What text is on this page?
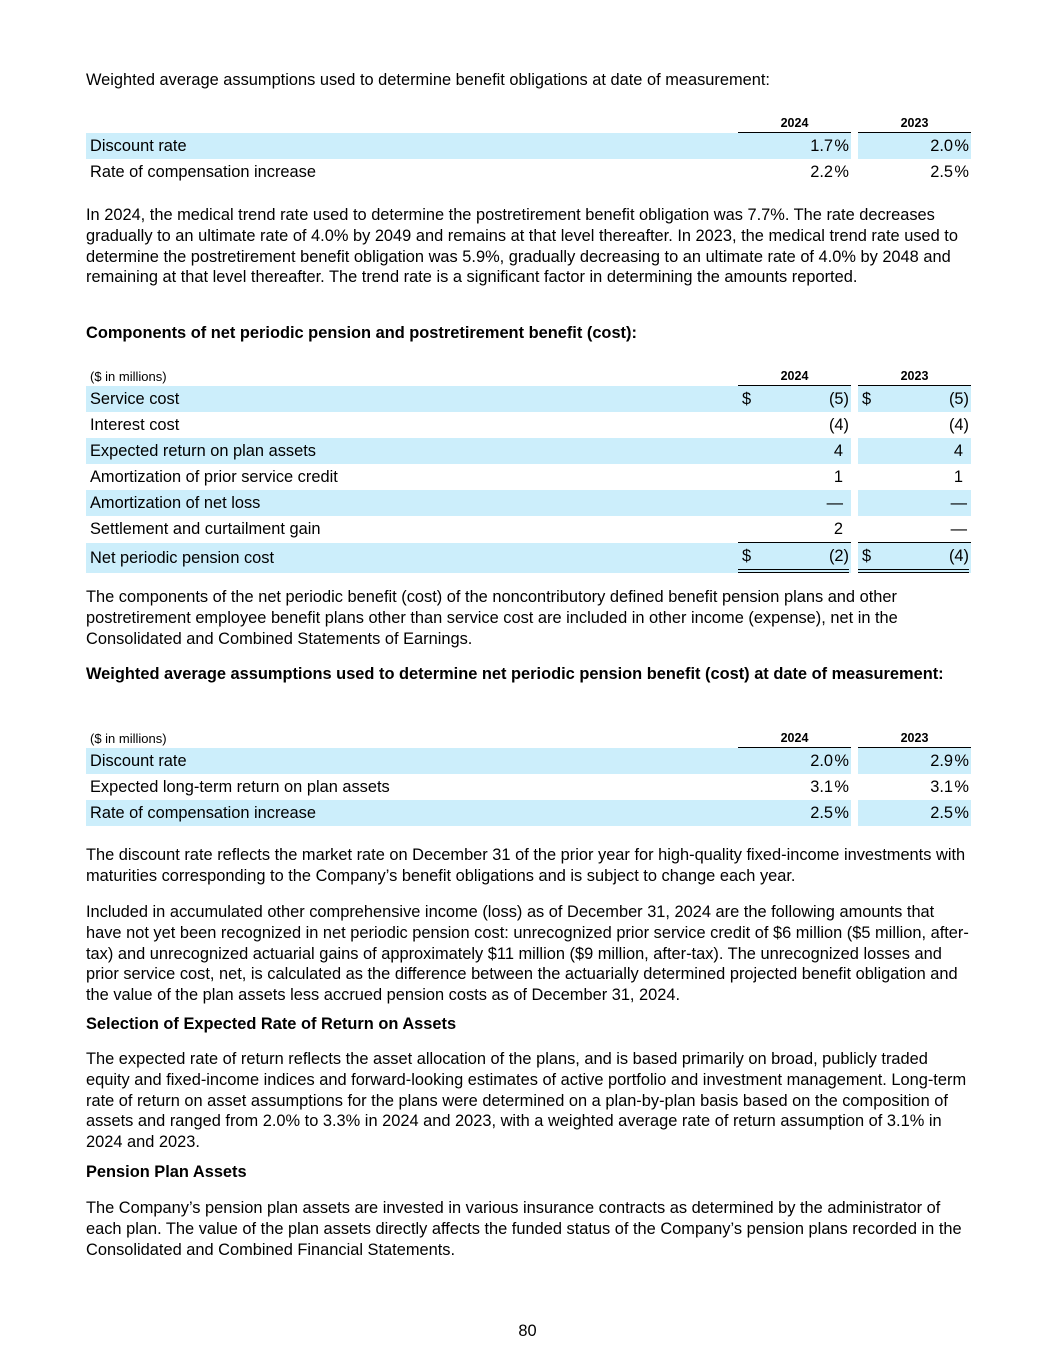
Weighted average assumptions used to determine benefit obligations at date of measurement:

	2024		2023
Discount rate	1.7%		2.0%
Rate of compensation increase	2.2%		2.5%

In 2024, the medical trend rate used to determine the postretirement benefit obligation was 7.7%. The rate decreases gradually to an ultimate rate of 4.0% by 2049 and remains at that level thereafter. In 2023, the medical trend rate used to determine the postretirement benefit obligation was 5.9%, gradually decreasing to an ultimate rate of 4.0% by 2048 and remaining at that level thereafter. The trend rate is a significant factor in determining the amounts reported.

Components of net periodic pension and postretirement benefit (cost):

($ in millions)	2024		2023
Service cost	$ (5)		$ (5)
Interest cost	(4)		(4)
Expected return on plan assets	4		4
Amortization of prior service credit	1		1
Amortization of net loss	—		—
Settlement and curtailment gain	2		—
Net periodic pension cost	$ (2)		$ (4)

The components of the net periodic benefit (cost) of the noncontributory defined benefit pension plans and other postretirement employee benefit plans other than service cost are included in other income (expense), net in the Consolidated and Combined Statements of Earnings.

Weighted average assumptions used to determine net periodic pension benefit (cost) at date of measurement:

($ in millions)	2024		2023
Discount rate	2.0%		2.9%
Expected long-term return on plan assets	3.1%		3.1%
Rate of compensation increase	2.5%		2.5%

The discount rate reflects the market rate on December 31 of the prior year for high-quality fixed-income investments with maturities corresponding to the Company’s benefit obligations and is subject to change each year.

Included in accumulated other comprehensive income (loss) as of December 31, 2024 are the following amounts that have not yet been recognized in net periodic pension cost: unrecognized prior service credit of $6 million ($5 million, after-tax) and unrecognized actuarial gains of approximately $11 million ($9 million, after-tax). The unrecognized losses and prior service cost, net, is calculated as the difference between the actuarially determined projected benefit obligation and the value of the plan assets less accrued pension costs as of December 31, 2024.

Selection of Expected Rate of Return on Assets

The expected rate of return reflects the asset allocation of the plans, and is based primarily on broad, publicly traded equity and fixed-income indices and forward-looking estimates of active portfolio and investment management. Long-term rate of return on asset assumptions for the plans were determined on a plan-by-plan basis based on the composition of assets and ranged from 2.0% to 3.3% in 2024 and 2023, with a weighted average rate of return assumption of 3.1% in 2024 and 2023.

Pension Plan Assets

The Company’s pension plan assets are invested in various insurance contracts as determined by the administrator of each plan. The value of the plan assets directly affects the funded status of the Company’s pension plans recorded in the Consolidated and Combined Financial Statements.

80
